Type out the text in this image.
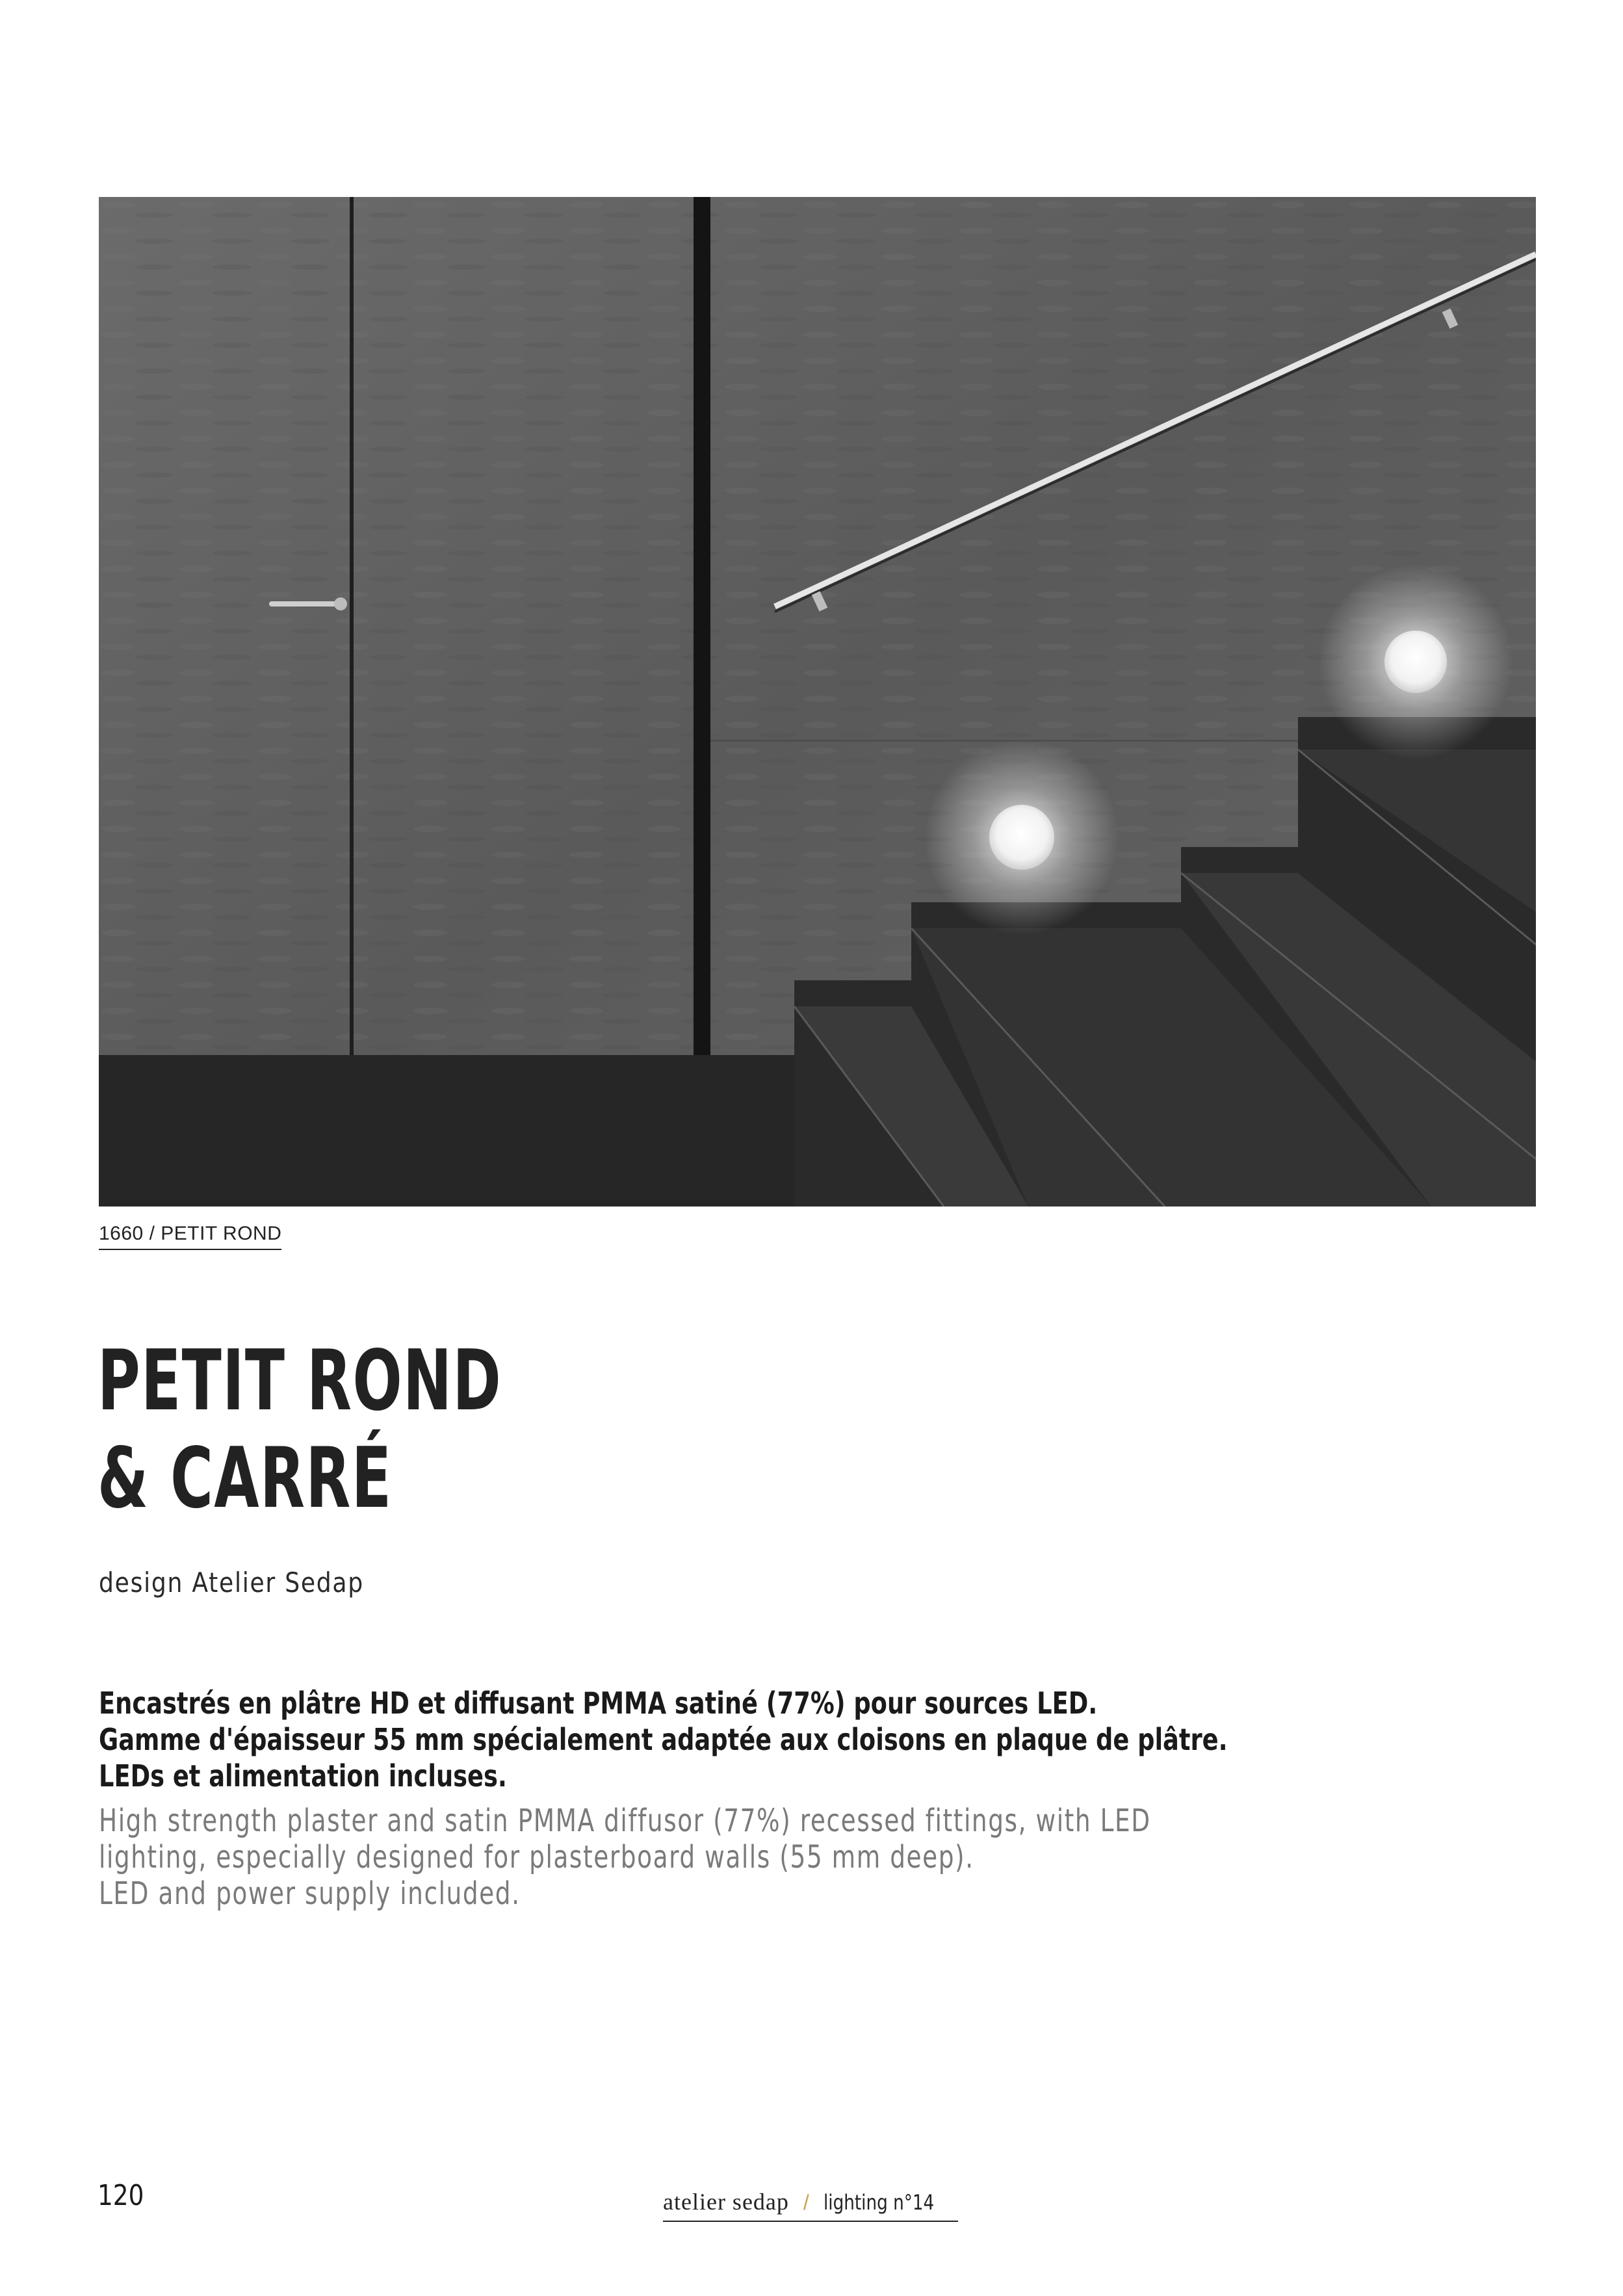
1660 / PETIT ROND
PETIT ROND
& CARRÉ
design Atelier Sedap
Encastrés en plâtre HD et diffusant PMMA satiné (77%) pour sources LED.
Gamme d'épaisseur 55 mm spécialement adaptée aux cloisons en plaque de plâtre.
LEDs et alimentation incluses.
High strength plaster and satin PMMA diffusor (77%) recessed fittings, with LED
lighting, especially designed for plasterboard walls (55 mm deep).
LED and power supply included.
120	atelier sedap / lighting n°14
